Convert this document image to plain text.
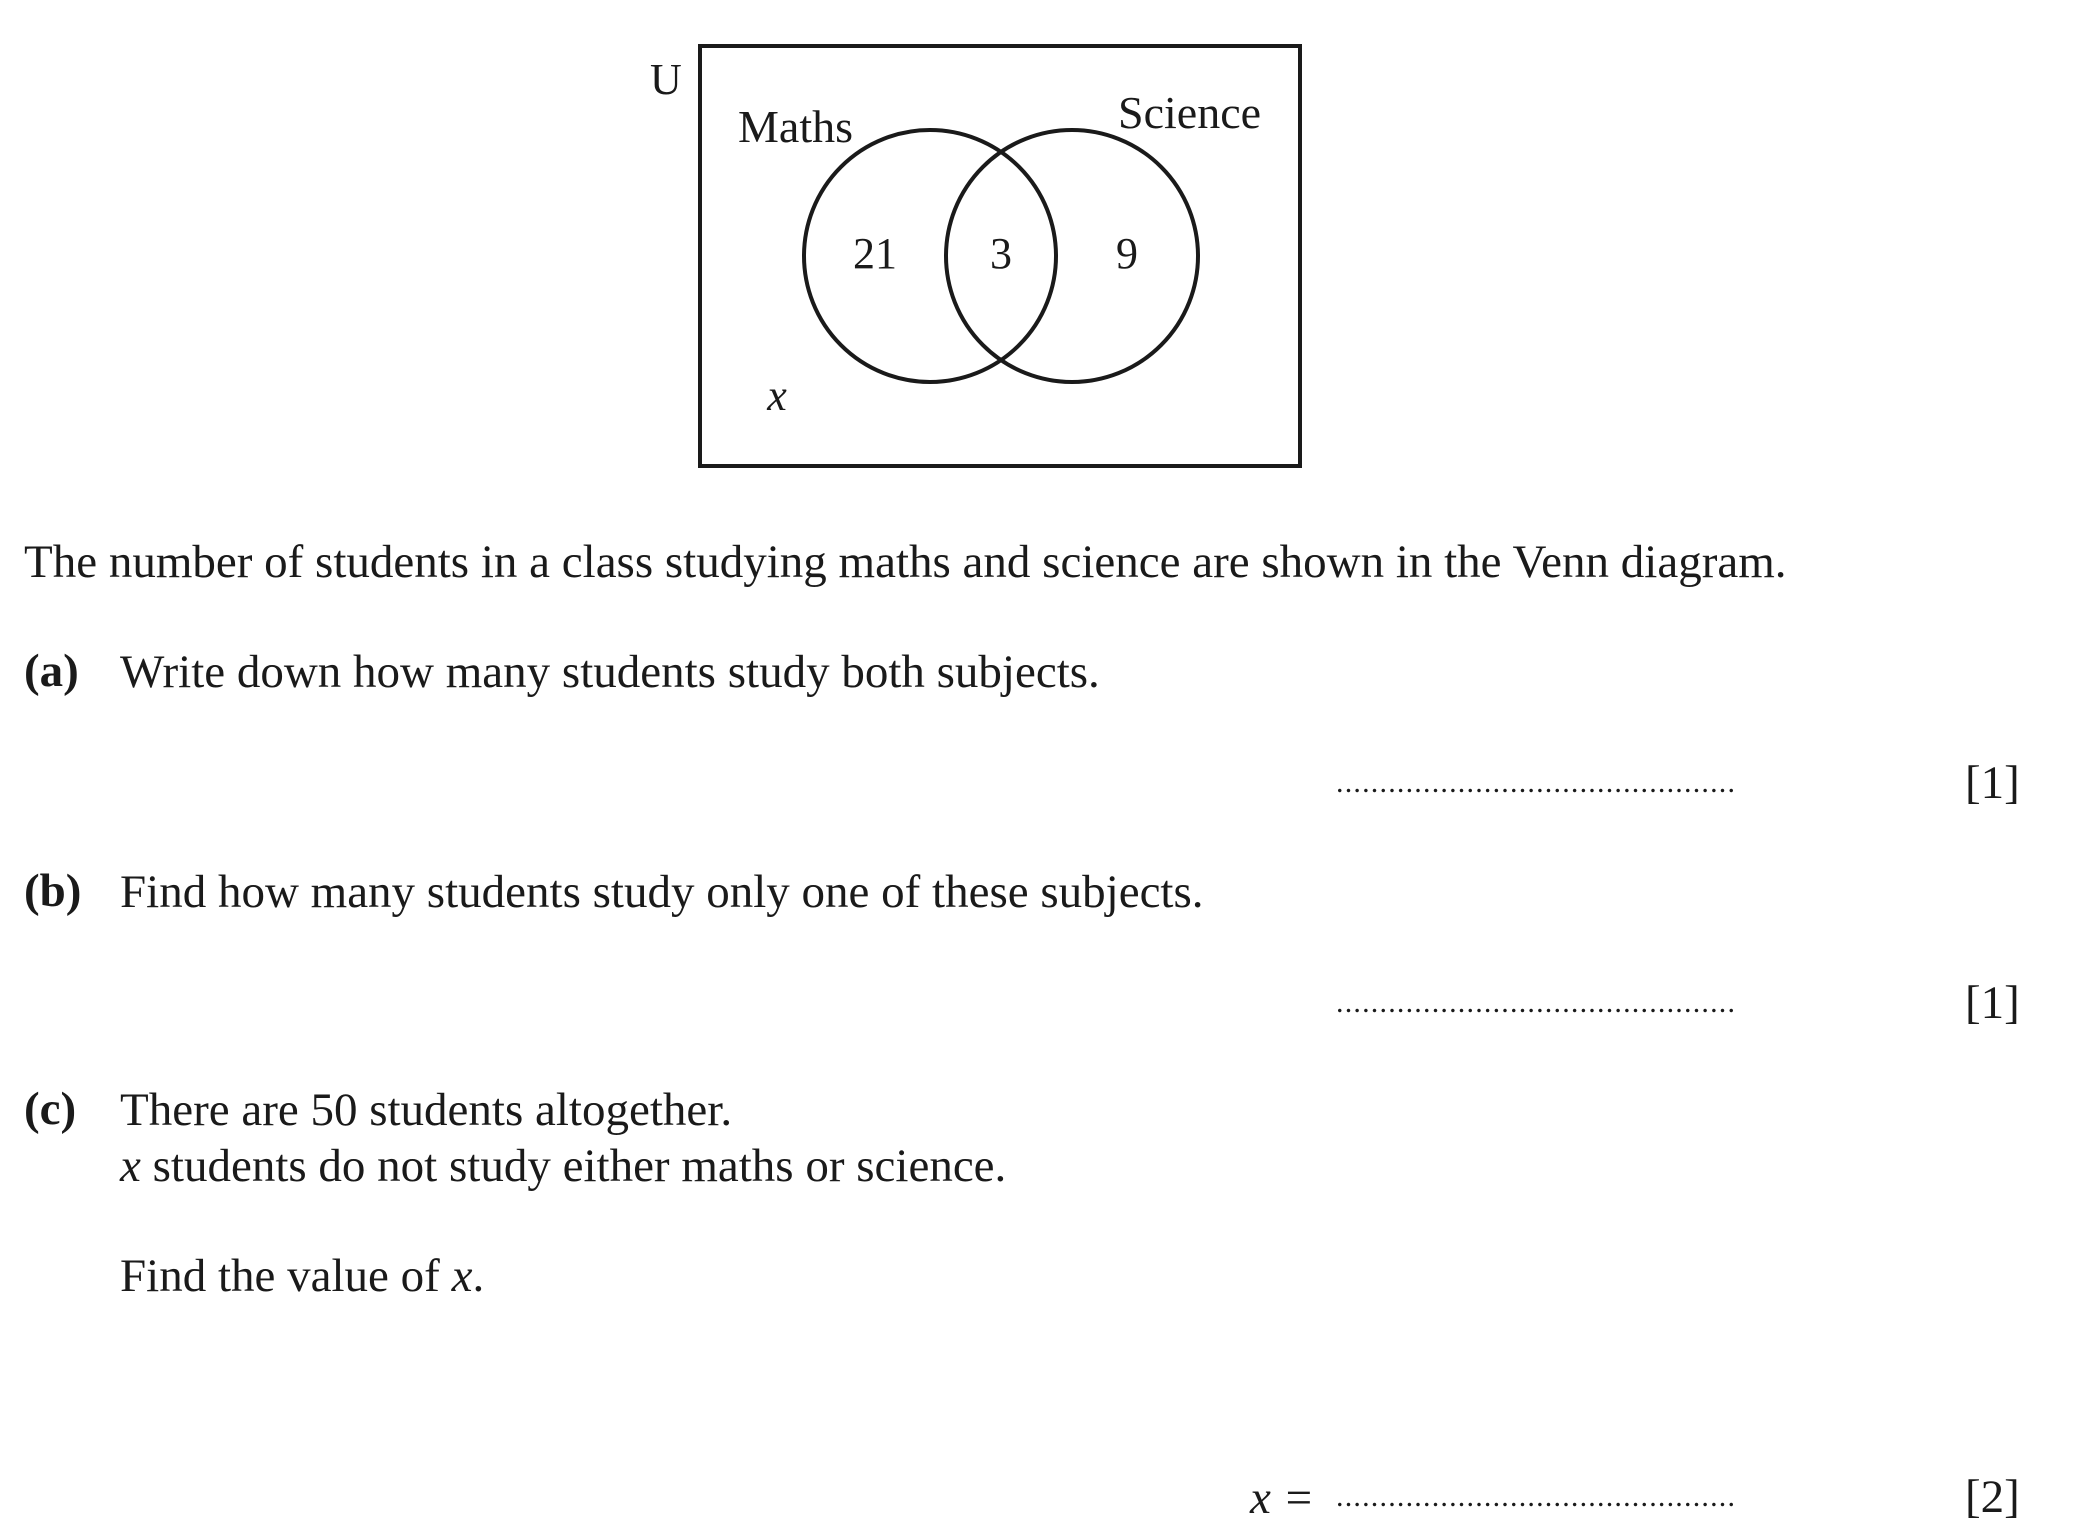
U
Maths	Science
21 3 9
x
The number of students in a class studying maths and science are shown in the Venn diagram.
(a) Write down how many students study both subjects.
..............................................	[1]
(b) Find how many students study only one of these subjects.
..............................................	[1]
(c) There are 50 students altogether.
x students do not study either maths or science.
Find the value of x.
x = ..............................................	[2]
